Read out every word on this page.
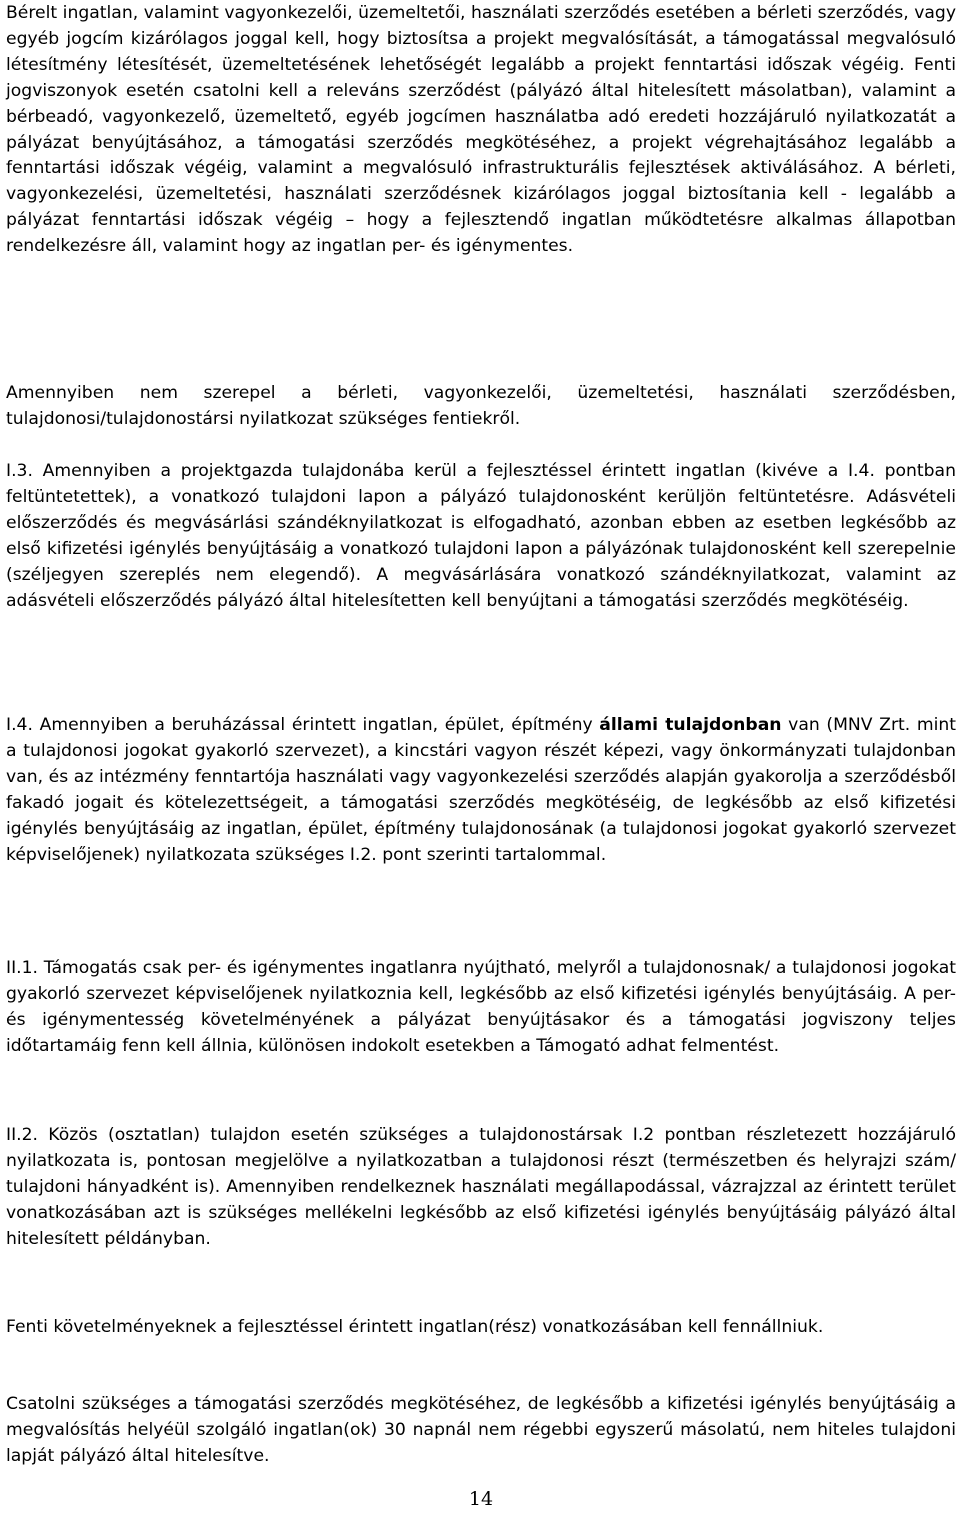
Bérelt ingatlan, valamint vagyonkezelői, üzemeltetői, használati szerződés esetében a bérleti szerződés, vagy egyéb jogcím kizárólagos joggal kell, hogy biztosítsa a projekt megvalósítását, a támogatással megvalósuló létesítmény létesítését, üzemeltetésének lehetőségét legalább a projekt fenntartási időszak végéig. Fenti jogviszonyok esetén csatolni kell a releváns szerződést (pályázó által hitelesített másolatban), valamint a bérbeadó, vagyonkezelő, üzemeltető, egyéb jogcímen használatba adó eredeti hozzájáruló nyilatkozatát a pályázat benyújtásához, a támogatási szerződés megkötéséhez, a projekt végrehajtásához legalább a fenntartási időszak végéig, valamint a megvalósuló infrastrukturális fejlesztések aktiválásához. A bérleti, vagyonkezelési, üzemeltetési, használati szerződésnek kizárólagos joggal biztosítania kell - legalább a pályázat fenntartási időszak végéig – hogy a fejlesztendő ingatlan működtetésre alkalmas állapotban rendelkezésre áll, valamint hogy az ingatlan per- és igénymentes.

Amennyiben nem szerepel a bérleti, vagyonkezelői, üzemeltetési, használati szerződésben, tulajdonosi/tulajdonostársi nyilatkozat szükséges fentiekről.

I.3. Amennyiben a projektgazda tulajdonába kerül a fejlesztéssel érintett ingatlan (kivéve a I.4. pontban feltüntetettek), a vonatkozó tulajdoni lapon a pályázó tulajdonosként kerüljön feltüntetésre. Adásvételi előszerződés és megvásárlási szándéknyilatkozat is elfogadható, azonban ebben az esetben legkésőbb az első kifizetési igénylés benyújtásáig a vonatkozó tulajdoni lapon a pályázónak tulajdonosként kell szerepelnie (széljegyen szereplés nem elegendő). A megvásárlására vonatkozó szándéknyilatkozat, valamint az adásvételi előszerződés pályázó által hitelesítetten kell benyújtani a támogatási szerződés megkötéséig.

I.4. Amennyiben a beruházással érintett ingatlan, épület, építmény állami tulajdonban van (MNV Zrt. mint a tulajdonosi jogokat gyakorló szervezet), a kincstári vagyon részét képezi, vagy önkormányzati tulajdonban van, és az intézmény fenntartója használati vagy vagyonkezelési szerződés alapján gyakorolja a szerződésből fakadó jogait és kötelezettségeit, a támogatási szerződés megkötéséig, de legkésőbb az első kifizetési igénylés benyújtásáig az ingatlan, épület, építmény tulajdonosának (a tulajdonosi jogokat gyakorló szervezet képviselőjenek) nyilatkozata szükséges I.2. pont szerinti tartalommal.

II.1. Támogatás csak per- és igénymentes ingatlanra nyújtható, melyről a tulajdonosnak/ a tulajdonosi jogokat gyakorló szervezet képviselőjenek nyilatkoznia kell, legkésőbb az első kifizetési igénylés benyújtásáig. A per- és igénymentesség követelményének a pályázat benyújtásakor és a támogatási jogviszony teljes időtartamáig fenn kell állnia, különösen indokolt esetekben a Támogató adhat felmentést.

II.2. Közös (osztatlan) tulajdon esetén szükséges a tulajdonostársak I.2 pontban részletezett hozzájáruló nyilatkozata is, pontosan megjelölve a nyilatkozatban a tulajdonosi részt (természetben és helyrajzi szám/ tulajdoni hányadként is). Amennyiben rendelkeznek használati megállapodással, vázrajzzal az érintett terület vonatkozásában azt is szükséges mellékelni legkésőbb az első kifizetési igénylés benyújtásáig pályázó által hitelesített példányban.

Fenti követelményeknek a fejlesztéssel érintett ingatlan(rész) vonatkozásában kell fennállniuk.

Csatolni szükséges a támogatási szerződés megkötéséhez, de legkésőbb a kifizetési igénylés benyújtásáig a megvalósítás helyéül szolgáló ingatlan(ok) 30 napnál nem régebbi egyszerű másolatú, nem hiteles tulajdoni lapját pályázó által hitelesítve.

14
